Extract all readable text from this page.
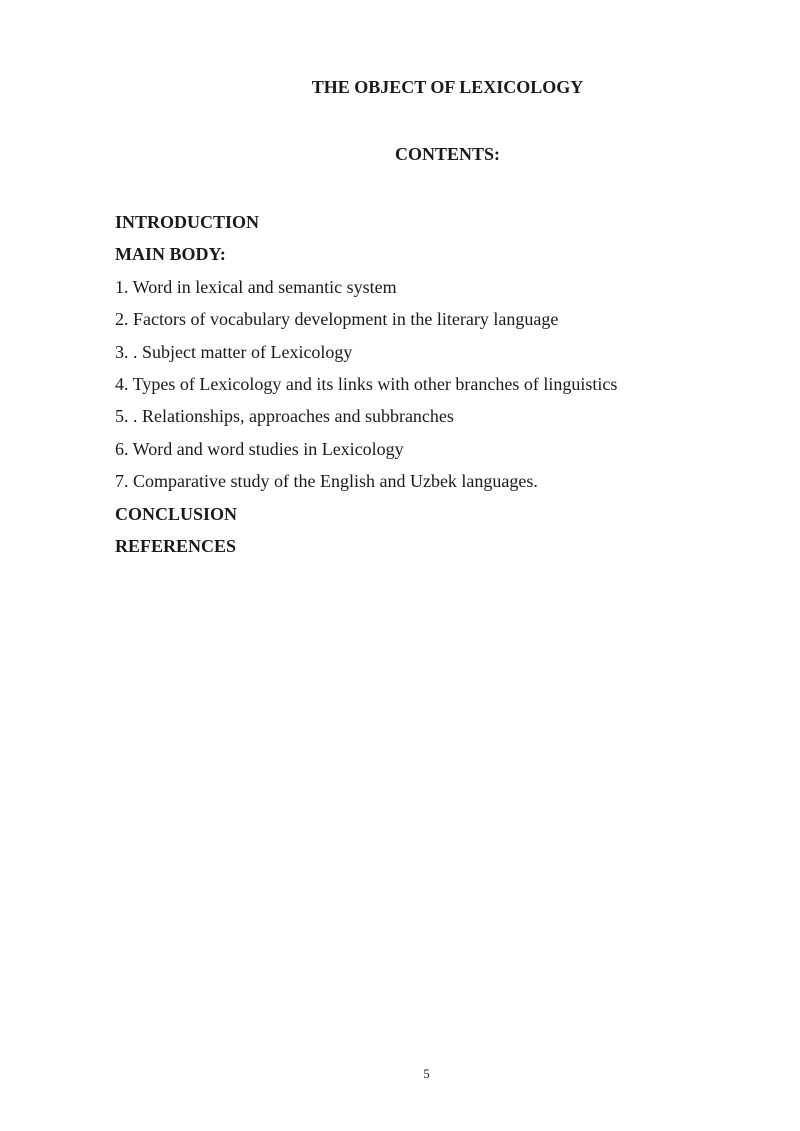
THE OBJECT OF LEXICOLOGY
CONTENTS:
INTRODUCTION
MAIN BODY:
1. Word in lexical and semantic system
2. Factors of vocabulary development in the literary language
3. . Subject matter of Lexicology
4. Types of Lexicology and its links with other branches of linguistics
5. . Relationships, approaches and subbranches
6. Word and word studies in Lexicology
7. Comparative study of the English and Uzbek languages.
CONCLUSION
REFERENCES
5
